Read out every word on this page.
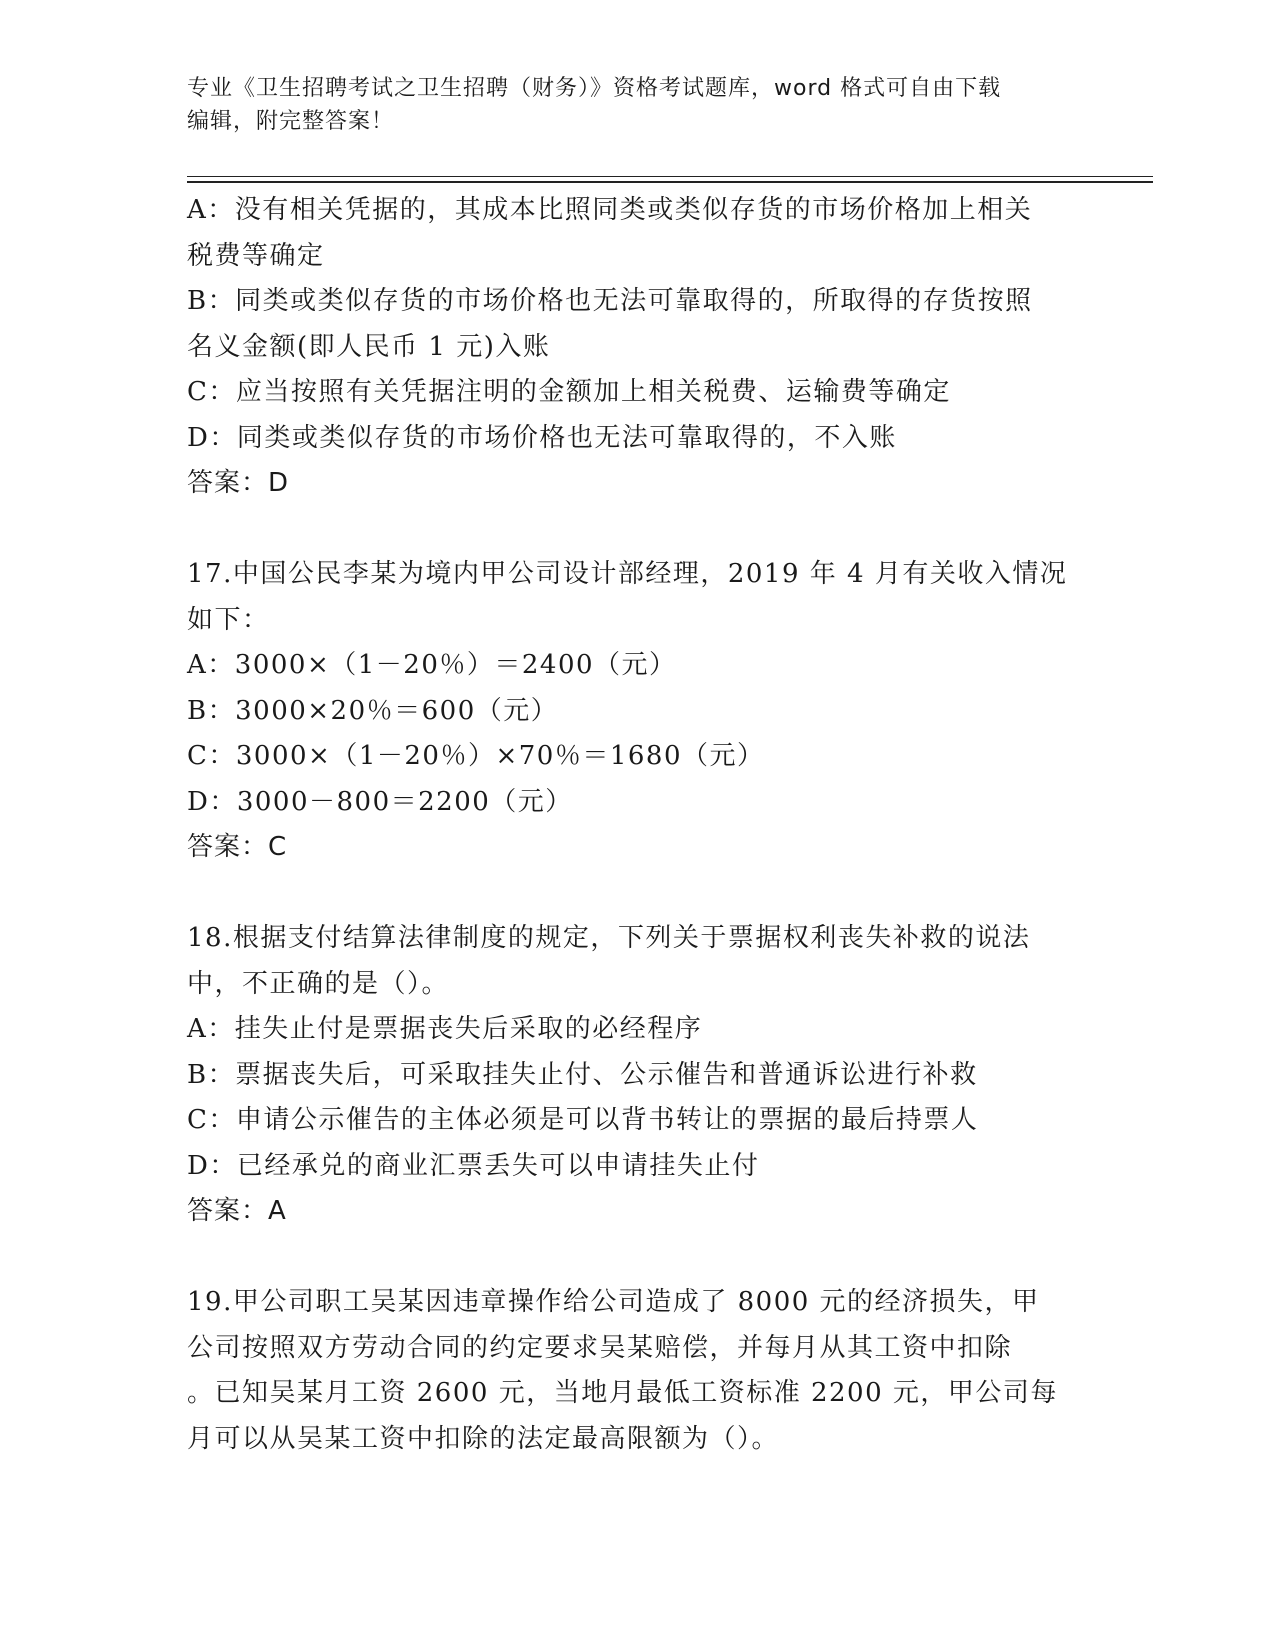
专业《卫生招聘考试之卫生招聘（财务）》资格考试题库，word 格式可自由下载
编辑，附完整答案！
A：没有相关凭据的，其成本比照同类或类似存货的市场价格加上相关
税费等确定
B：同类或类似存货的市场价格也无法可靠取得的，所取得的存货按照
名义金额(即人民币 1 元)入账
C：应当按照有关凭据注明的金额加上相关税费、运输费等确定
D：同类或类似存货的市场价格也无法可靠取得的，不入账
答案：D
17.中国公民李某为境内甲公司设计部经理，2019 年 4 月有关收入情况
如下：
A：3000×（1－20％）＝2400（元）
B：3000×20％＝600（元）
C：3000×（1－20％）×70％＝1680（元）
D：3000－800＝2200（元）
答案：C
18.根据支付结算法律制度的规定，下列关于票据权利丧失补救的说法
中，不正确的是（）。
A：挂失止付是票据丧失后采取的必经程序
B：票据丧失后，可采取挂失止付、公示催告和普通诉讼进行补救
C：申请公示催告的主体必须是可以背书转让的票据的最后持票人
D：已经承兑的商业汇票丢失可以申请挂失止付
答案：A
19.甲公司职工吴某因违章操作给公司造成了 8000 元的经济损失，甲
公司按照双方劳动合同的约定要求吴某赔偿，并每月从其工资中扣除
。已知吴某月工资 2600 元，当地月最低工资标准 2200 元，甲公司每
月可以从吴某工资中扣除的法定最高限额为（）。
